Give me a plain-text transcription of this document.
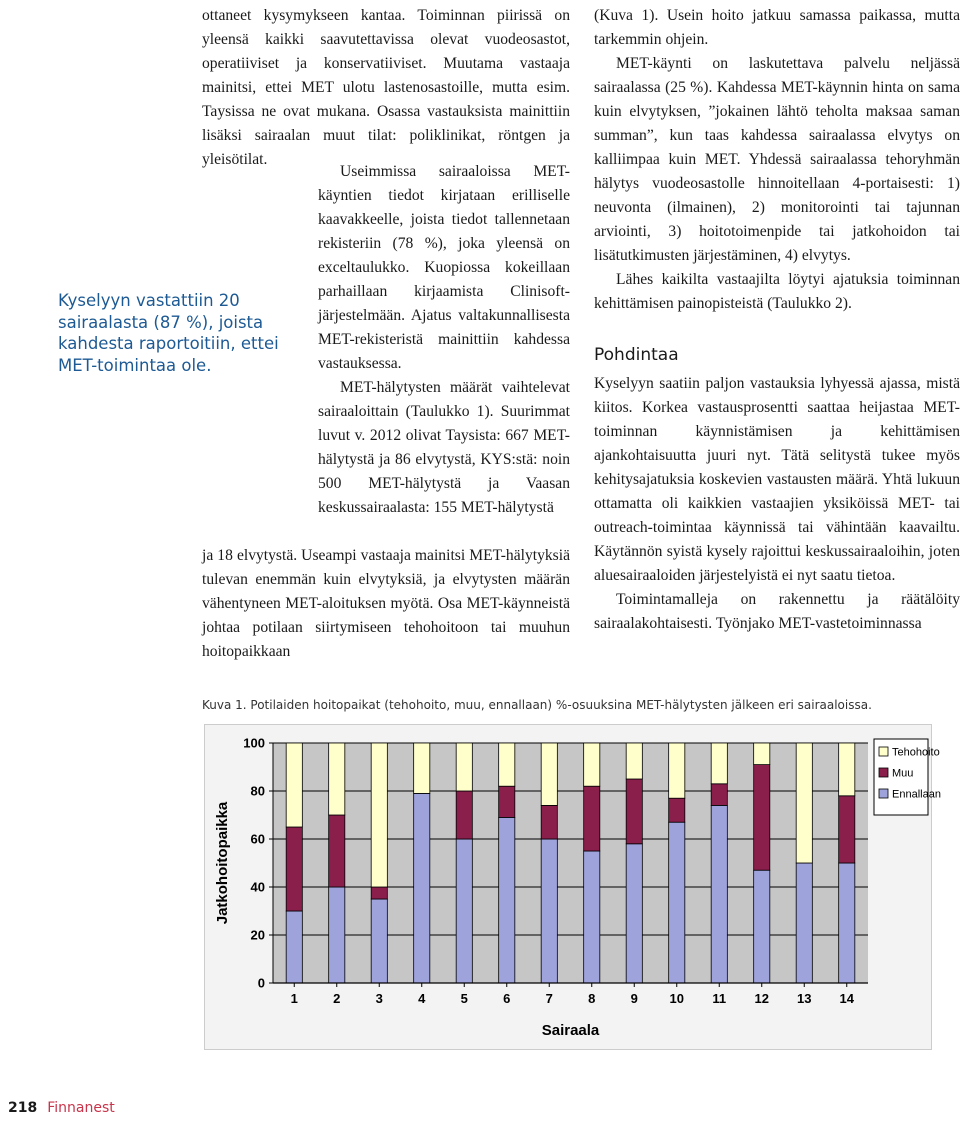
ottaneet kysymykseen kantaa. Toiminnan piirissä on yleensä kaikki saavutettavissa olevat vuodeosastot, operatiiviset ja konservatiiviset. Muutama vastaaja mainitsi, ettei MET ulotu lastenosastoille, mutta esim. Taysissa ne ovat mukana. Osassa vastauksista mainittiin lisäksi sairaalan muut tilat: poliklinikat, röntgen ja yleisötilat.

Useimmissa sairaaloissa MET-käyntien tiedot kirjataan erilliselle kaavakkeelle, joista tiedot tallennetaan rekisteriin (78 %), joka yleensä on exceltaulukko. Kuopiossa kokeillaan parhaillaan kirjaamista Clinisoft-järjestelmään. Ajatus valtakunnallisesta MET-rekisteristä mainittiin kahdessa vastauksessa.

MET-hälytysten määrät vaihtelevat sairaaloittain (Taulukko 1). Suurimmat luvut v. 2012 olivat Taysista: 667 MET-hälytystä ja 86 elvytystä, KYS:stä: noin 500 MET-hälytystä ja Vaasan keskussairaalasta: 155 MET-hälytystä

ja 18 elvytystä. Useampi vastaaja mainitsi MET-hälytyksiä tulevan enemmän kuin elvytyksiä, ja elvytysten määrän vähentyneen MET-aloituksen myötä. Osa MET-käynneistä johtaa potilaan siirtymiseen tehohoitoon tai muuhun hoitopaikkaan

Kyselyyn vastattiin 20 sairaalasta (87 %), joista kahdesta raportoitiin, ettei MET-toimintaa ole.

(Kuva 1). Usein hoito jatkuu samassa paikassa, mutta tarkemmin ohjein.

MET-käynti on laskutettava palvelu neljässä sairaalassa (25 %). Kahdessa MET-käynnin hinta on sama kuin elvytyksen, ”jokainen lähtö teholta maksaa saman summan”, kun taas kahdessa sairaalassa elvytys on kalliimpaa kuin MET. Yhdessä sairaalassa tehoryhmän hälytys vuodeosastolle hinnoitellaan 4-portaisesti: 1) neuvonta (ilmainen), 2) monitorointi tai tajunnan arviointi, 3) hoitotoimenpide tai jatkohoidon tai lisätutkimusten järjestäminen, 4) elvytys.

Lähes kaikilta vastaajilta löytyi ajatuksia toiminnan kehittämisen painopisteistä (Taulukko 2).

Pohdintaa

Kyselyyn saatiin paljon vastauksia lyhyessä ajassa, mistä kiitos. Korkea vastausprosentti saattaa heijastaa MET-toiminnan käynnistämisen ja kehittämisen ajankohtaisuutta juuri nyt. Tätä selitystä tukee myös kehitysajatuksia koskevien vastausten määrä. Yhtä lukuun ottamatta oli kaikkien vastaajien yksiköissä MET- tai outreach-toimintaa käynnissä tai vähintään kaavailtu. Käytännön syistä kysely rajoittui keskussairaaloihin, joten aluesairaaloiden järjestelyistä ei nyt saatu tietoa.

Toimintamalleja on rakennettu ja räätälöity sairaalakohtaisesti. Työnjako MET-vastetoiminnassa

Kuva 1. Potilaiden hoitopaikat (tehohoito, muu, ennallaan) %-osuuksina MET-hälytysten jälkeen eri sairaaloissa.
0
20
40
60
80
100
1	2	3	4	5	6	7	8	9 10 11 12 13 14
Sairaala
Jatkohoitopaikka
Tehohoito
Muu
Ennallaan
218 Finnanest
